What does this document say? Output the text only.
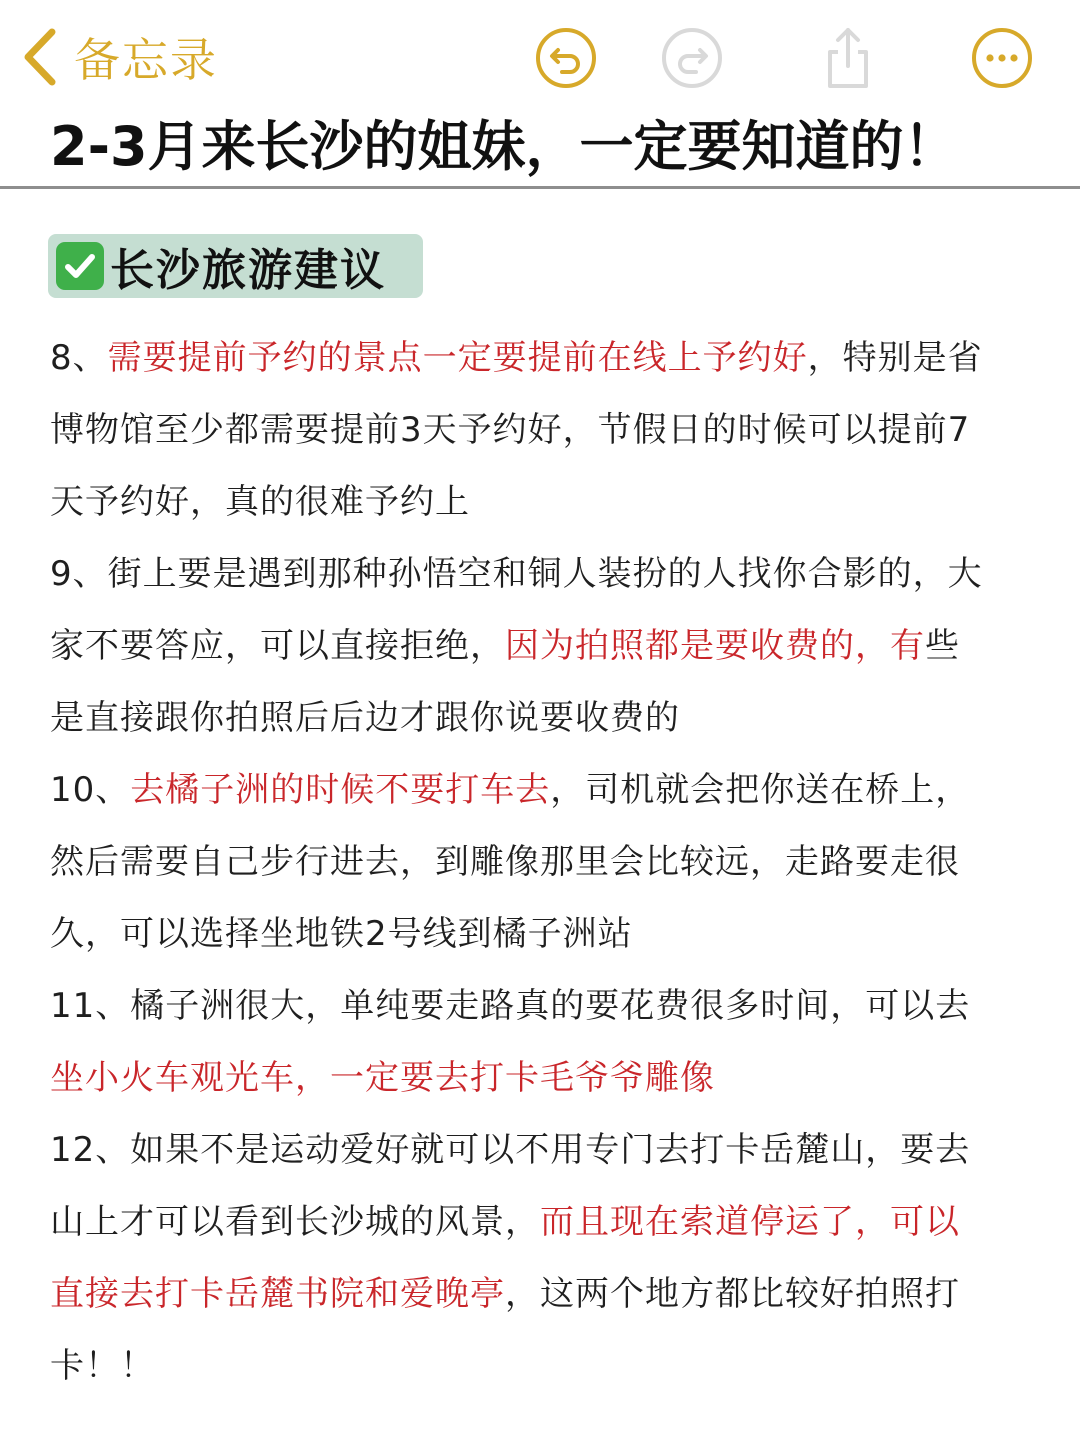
备忘录
2-3月来长沙的姐妹，一定要知道的！
长沙旅游建议
8、需要提前予约的景点一定要提前在线上予约好，特别是省
博物馆至少都需要提前3天予约好，节假日的时候可以提前7
天予约好，真的很难予约上
9、街上要是遇到那种孙悟空和铜人装扮的人找你合影的，大
家不要答应，可以直接拒绝，因为拍照都是要收费的，有些
是直接跟你拍照后后边才跟你说要收费的
10、去橘子洲的时候不要打车去，司机就会把你送在桥上，
然后需要自己步行进去，到雕像那里会比较远，走路要走很
久，可以选择坐地铁2号线到橘子洲站
11、橘子洲很大，单纯要走路真的要花费很多时间，可以去
坐小火车观光车，一定要去打卡毛爷爷雕像
12、如果不是运动爱好就可以不用专门去打卡岳麓山，要去
山上才可以看到长沙城的风景，而且现在索道停运了，可以
直接去打卡岳麓书院和爱晚亭，这两个地方都比较好拍照打
卡！！
